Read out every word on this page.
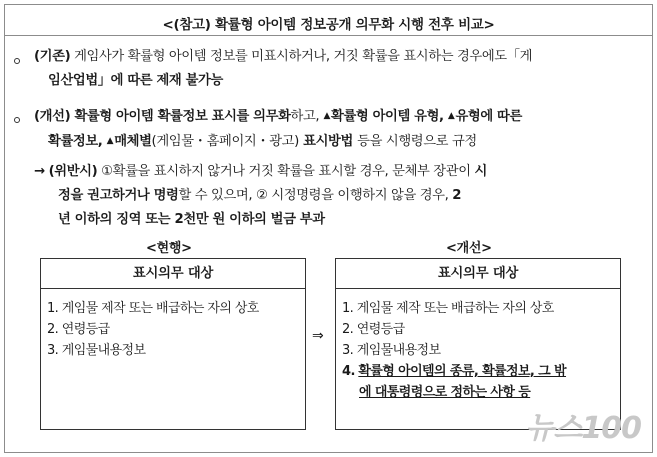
<(참고) 확률형 아이템 정보공개 의무화 시행 전후 비교>
(기존) 게임사가 확률형 아이템 정보를 미표시하거나, 거짓 확률을 표시하는 경우에도「게
임산업법」에 따른 제재 불가능
(개선) 확률형 아이템 확률정보 표시를 의무화하고, ▲확률형 아이템 유형, ▲유형에 따른
확률정보, ▲매체별(게임물・홈페이지・광고) 표시방법 등을 시행령으로 규정
→ (위반시) ①확률을 표시하지 않거나 거짓 확률을 표시할 경우, 문체부 장관이 시
정을 권고하거나 명령할 수 있으며, ② 시정명령을 이행하지 않을 경우, 2
년 이하의 징역 또는 2천만 원 이하의 벌금 부과
<현행>	<개선>
표시의무 대상
1. 게임물 제작 또는 배급하는 자의 상호
2. 연령등급
3. 게임물내용정보
⇒
표시의무 대상
1. 게임물 제작 또는 배급하는 자의 상호
2. 연령등급
3. 게임물내용정보
4. 확률형 아이템의 종류, 확률정보, 그 밖
에 대통령령으로 정하는 사항 등
뉴스100
